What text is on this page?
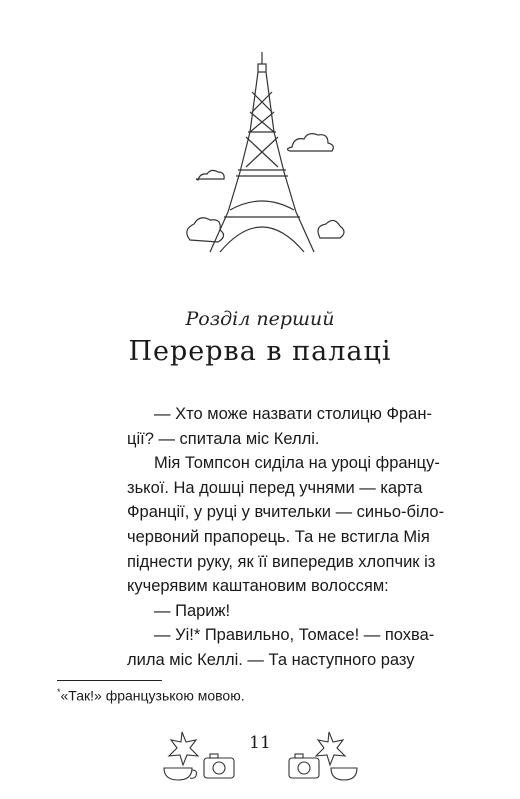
Розділ перший
Перерва в палаці

— Хто може назвати столицю Фран-

ції? — спитала міс Келлі.

Мія Томпсон сиділа на уроці францу-

зької. На дошці перед учнями — карта

Франції, у руці у вчительки — синьо-біло-

червоний прапорець. Та не встигла Мія

піднести руку, як її випередив хлопчик із

кучерявим каштановим волоссям:

— Париж!

— Уі!* Правильно, Томасе! — похва-

лила міс Келлі. — Та наступного разу

*«Так!» французькою мовою.
11
